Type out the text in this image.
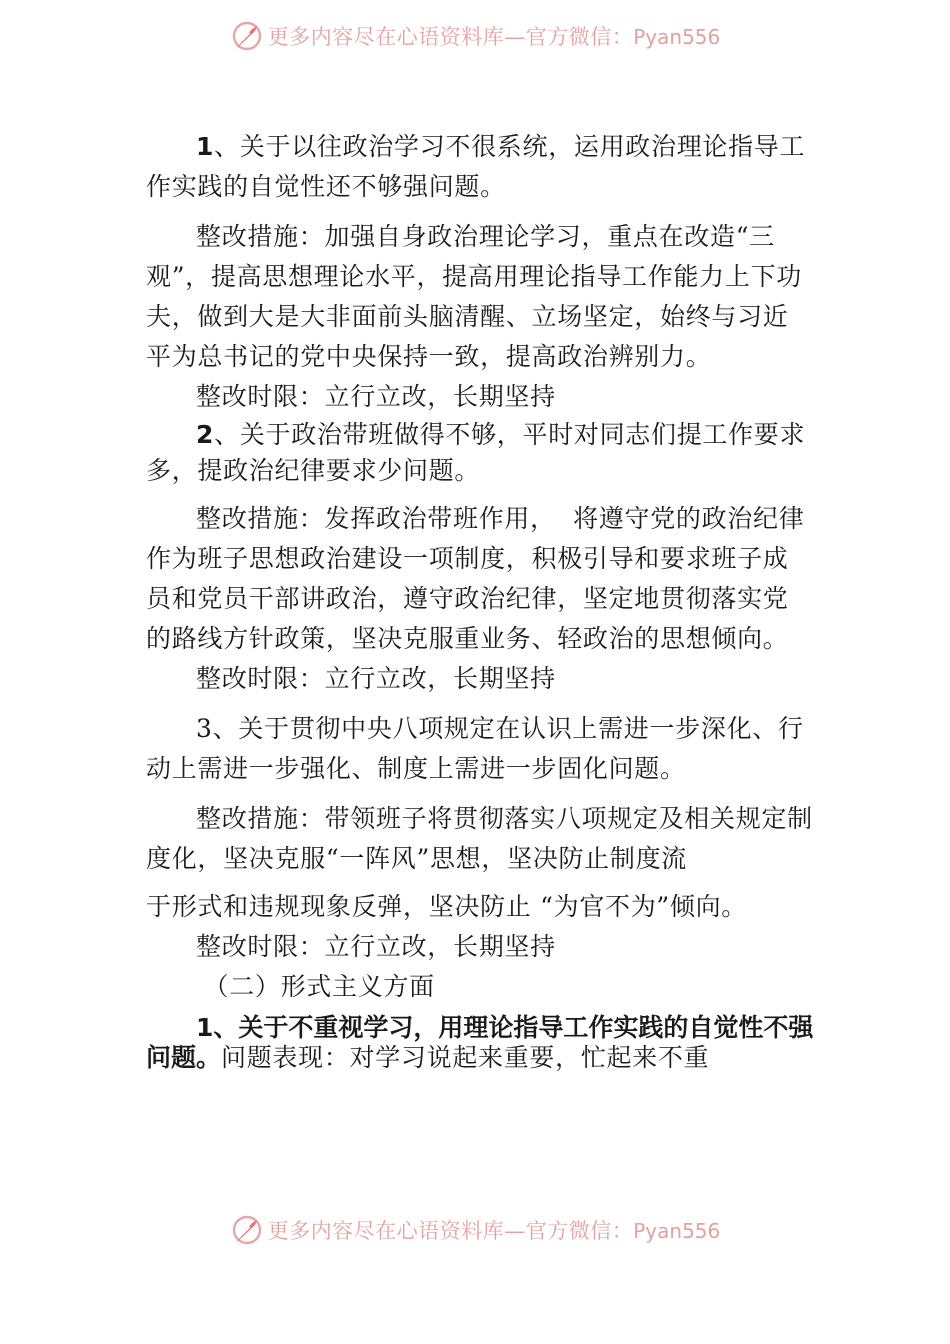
更多内容尽在心语资料库—官方微信：Pyan556

1、关于以往政治学习不很系统，运用政治理论指导工作实践的自觉性还不够强问题。

整改措施：加强自身政治理论学习，重点在改造“三观”，提高思想理论水平，提高用理论指导工作能力上下功夫，做到大是大非面前头脑清醒、立场坚定，始终与习近平为总书记的党中央保持一致，提高政治辨别力。

整改时限：立行立改，长期坚持

2、关于政治带班做得不够，平时对同志们提工作要求多，提政治纪律要求少问题。

整改措施：发挥政治带班作用，  将遵守党的政治纪律作为班子思想政治建设一项制度，积极引导和要求班子成员和党员干部讲政治，遵守政治纪律，坚定地贯彻落实党的路线方针政策，坚决克服重业务、轻政治的思想倾向。

整改时限：立行立改，长期坚持

3、关于贯彻中央八项规定在认识上需进一步深化、行动上需进一步强化、制度上需进一步固化问题。

整改措施：带领班子将贯彻落实八项规定及相关规定制度化，坚决克服“一阵风”思想，坚决防止制度流

于形式和违规现象反弹，坚决防止 “为官不为”倾向。

整改时限：立行立改，长期坚持

（二）形式主义方面

1、关于不重视学习，用理论指导工作实践的自觉性不强问题。问题表现：对学习说起来重要，忙起来不重

更多内容尽在心语资料库—官方微信：Pyan556
